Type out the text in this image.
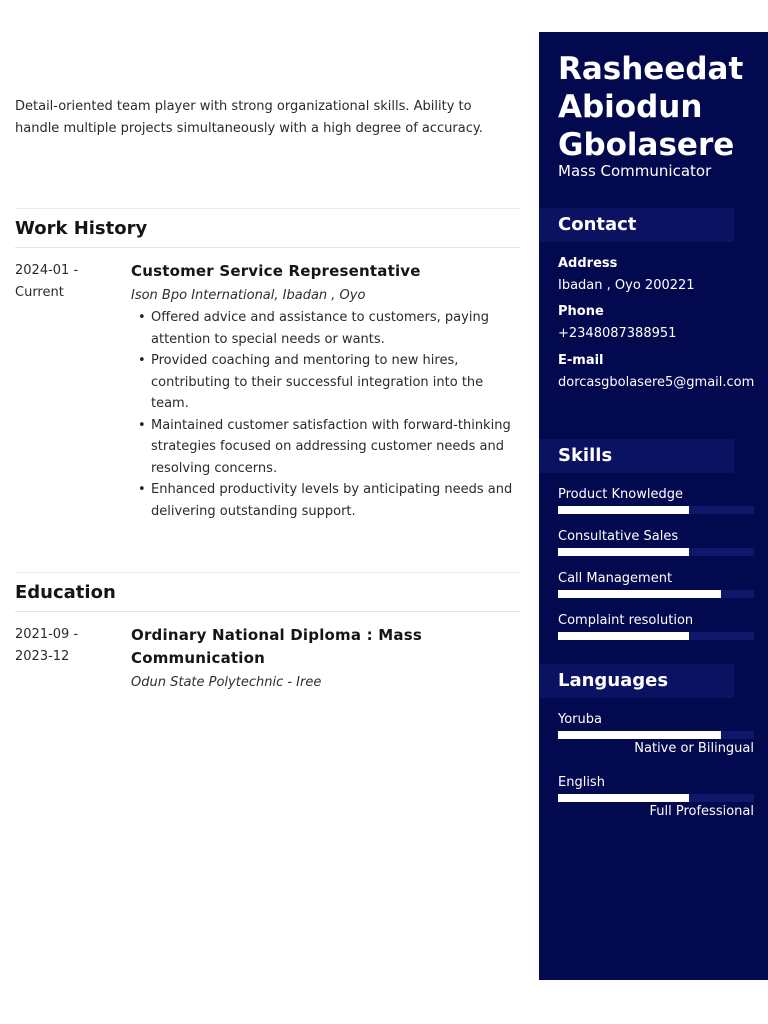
Detail-oriented team player with strong organizational skills. Ability to handle multiple projects simultaneously with a high degree of accuracy.

Work History
2024-01 -
Current
Customer Service Representative
Ison Bpo International, Ibadan , Oyo
• Offered advice and assistance to customers, paying attention to special needs or wants.
• Provided coaching and mentoring to new hires, contributing to their successful integration into the team.
• Maintained customer satisfaction with forward-thinking strategies focused on addressing customer needs and resolving concerns.
• Enhanced productivity levels by anticipating needs and delivering outstanding support.
Education
2021-09 -
2023-12
Ordinary National Diploma : Mass Communication
Odun State Polytechnic - Iree
Rasheedat
Abiodun
Gbolasere
Mass Communicator
Contact
Address
Ibadan , Oyo 200221
Phone
+2348087388951
E-mail
dorcasgbolasere5@gmail.com
Skills
Product Knowledge
Consultative Sales
Call Management
Complaint resolution
Languages
Yoruba
Native or Bilingual
English
Full Professional
